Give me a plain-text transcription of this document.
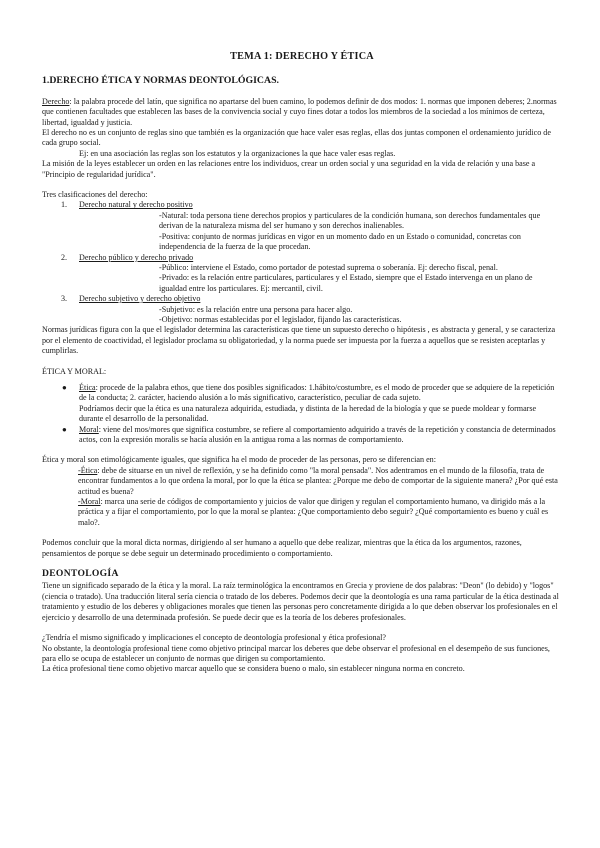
TEMA 1: DERECHO Y ÉTICA
1.DERECHO ÉTICA Y NORMAS DEONTOLÓGICAS.

Derecho: la palabra procede del latín, que significa no apartarse del buen camino, lo podemos definir de dos modos: 1. normas que imponen deberes; 2.normas que contienen facultades que establecen las bases de la convivencia social y cuyo fines dotar a todos los miembros de la sociedad a los mínimos de certeza, libertad, igualdad y justicia.

El derecho no es un conjunto de reglas sino que también es la organización que hace valer esas reglas, ellas dos juntas componen el ordenamiento jurídico de cada grupo social.

Ej: en una asociación las reglas son los estatutos y la organizaciones la que hace valer esas reglas.

La misión de la leyes establecer un orden en las relaciones entre los individuos, crear un orden social y una seguridad en la vida de relación y una base a "Principio de regularidad jurídica".

Tres clasificaciones del derecho:

1. Derecho natural y derecho positivo

-Natural: toda persona tiene derechos propios y particulares de la condición humana, son derechos fundamentales que derivan de la naturaleza misma del ser humano y son derechos inalienables.

-Positiva: conjunto de normas jurídicas en vigor en un momento dado en un Estado o comunidad, concretas con independencia de la fuerza de la que procedan.

2. Derecho público y derecho privado

-Público: interviene el Estado, como portador de potestad suprema o soberanía. Ej: derecho fiscal, penal.

-Privado: es la relación entre particulares, particulares y el Estado, siempre que el Estado intervenga en un plano de igualdad entre los particulares. Ej: mercantil, civil.

3. Derecho subjetivo y derecho objetivo

-Subjetivo: es la relación entre una persona para hacer algo.

-Objetivo: normas establecidas por el legislador, fijando las características.

Normas jurídicas figura con la que el legislador determina las características que tiene un supuesto derecho o hipótesis , es abstracta y general, y se caracteriza por el elemento de coactividad, el legislador proclama su obligatoriedad, y la norma puede ser impuesta por la fuerza a aquellos que se resisten aceptarlas y cumplirlas.

ÉTICA Y MORAL:

● Ética: procede de la palabra ethos, que tiene dos posibles significados: 1.hábito/costumbre, es el modo de proceder que se adquiere de la repetición de la conducta; 2. carácter, haciendo alusión a lo más significativo, característico, peculiar de cada sujeto.

Podríamos decir que la ética es una naturaleza adquirida, estudiada, y distinta de la heredad de la biología y que se puede moldear y formarse durante el desarrollo de la personalidad.

● Moral: viene del mos/mores que significa costumbre, se refiere al comportamiento adquirido a través de la repetición y constancia de determinados actos, con la expresión moralis se hacía alusión en la antigua roma a las normas de comportamiento.

Ética y moral son etimológicamente iguales, que significa ha el modo de proceder de las personas, pero se diferencian en:

-Ética: debe de situarse en un nivel de reflexión, y se ha definido como "la moral pensada". Nos adentramos en el mundo de la filosofía, trata de encontrar fundamentos a lo que ordena la moral, por lo que la ética se plantea: ¿Porque me debo de comportar de la siguiente manera? ¿Por qué esta actitud es buena?

-Moral: marca una serie de códigos de comportamiento y juicios de valor que dirigen y regulan el comportamiento humano, va dirigido más a la práctica y a fijar el comportamiento, por lo que la moral se plantea: ¿Que comportamiento debo seguir? ¿Qué comportamiento es bueno y cuál es malo?.

Podemos concluir que la moral dicta normas, dirigiendo al ser humano a aquello que debe realizar, mientras que la ética da los argumentos, razones, pensamientos de porque se debe seguir un determinado procedimiento o comportamiento.

DEONTOLOGÍA

Tiene un significado separado de la ética y la moral. La raíz terminológica la encontramos en Grecia y proviene de dos palabras: "Deon" (lo debido) y "logos" (ciencia o tratado). Una traducción literal sería ciencia o tratado de los deberes. Podemos decir que la deontología es una rama particular de la ética destinada al tratamiento y estudio de los deberes y obligaciones morales que tienen las personas pero concretamente dirigida a lo que deben observar los profesionales en el ejercicio y desarrollo de una determinada profesión. Se puede decir que es la teoría de los deberes profesionales.

¿Tendría el mismo significado y implicaciones el concepto de deontología profesional y ética profesional?

No obstante, la deontología profesional tiene como objetivo principal marcar los deberes que debe observar el profesional en el desempeño de sus funciones, para ello se ocupa de establecer un conjunto de normas que dirigen su comportamiento.

La ética profesional tiene como objetivo marcar aquello que se considera bueno o malo, sin establecer ninguna norma en concreto.
